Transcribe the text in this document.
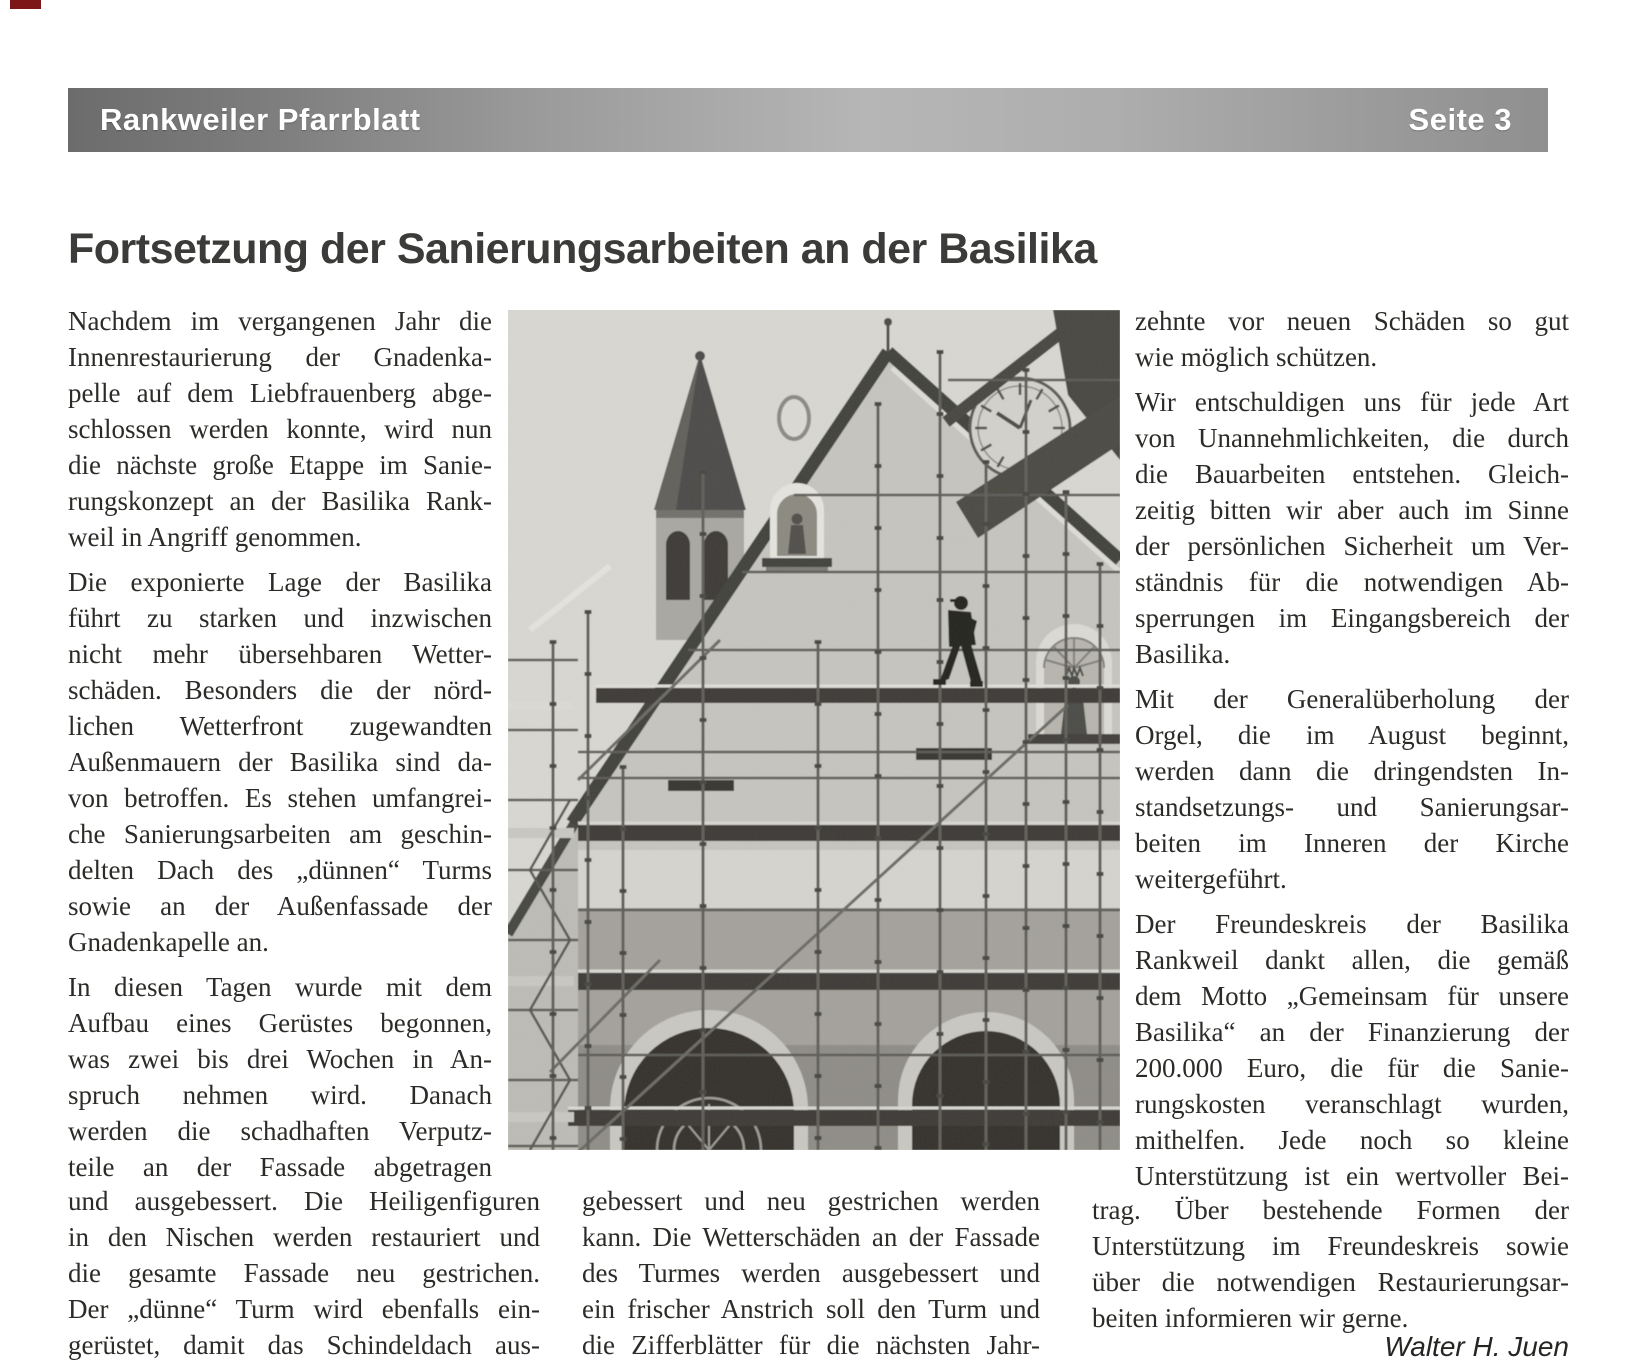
Rankweiler Pfarrblatt	Seite 3
Fortsetzung der Sanierungsarbeiten an der Basilika
Nachdem im vergangenen Jahr die
Innenrestaurierung der Gnadenka-
pelle auf dem Liebfrauenberg abge-
schlossen werden konnte, wird nun
die nächste große Etappe im Sanie-
rungskonzept an der Basilika Rank-
weil in Angriff genommen.
Die exponierte Lage der Basilika
führt zu starken und inzwischen
nicht mehr übersehbaren Wetter-
schäden. Besonders die der nörd-
lichen Wetterfront zugewandten
Außenmauern der Basilika sind da-
von betroffen. Es stehen umfangrei-
che Sanierungsarbeiten am geschin-
delten Dach des „dünnen“ Turms
sowie an der Außenfassade der
Gnadenkapelle an.
In diesen Tagen wurde mit dem
Aufbau eines Gerüstes begonnen,
was zwei bis drei Wochen in An-
spruch nehmen wird. Danach
werden die schadhaften Verputz-
teile an der Fassade abgetragen
und ausgebessert. Die Heiligenfiguren
in den Nischen werden restauriert und
die gesamte Fassade neu gestrichen.
Der „dünne“ Turm wird ebenfalls ein-
gerüstet, damit das Schindeldach aus-
gebessert und neu gestrichen werden
kann. Die Wetterschäden an der Fassade
des Turmes werden ausgebessert und
ein frischer Anstrich soll den Turm und
die Zifferblätter für die nächsten Jahr-
zehnte vor neuen Schäden so gut
wie möglich schützen.
Wir entschuldigen uns für jede Art
von Unannehmlichkeiten, die durch
die Bauarbeiten entstehen. Gleich-
zeitig bitten wir aber auch im Sinne
der persönlichen Sicherheit um Ver-
ständnis für die notwendigen Ab-
sperrungen im Eingangsbereich der
Basilika.
Mit der Generalüberholung der
Orgel, die im August beginnt,
werden dann die dringendsten In-
standsetzungs- und Sanierungsar-
beiten im Inneren der Kirche
weitergeführt.
Der Freundeskreis der Basilika
Rankweil dankt allen, die gemäß
dem Motto „Gemeinsam für unsere
Basilika“ an der Finanzierung der
200.000 Euro, die für die Sanie-
rungskosten veranschlagt wurden,
mithelfen. Jede noch so kleine
Unterstützung ist ein wertvoller Bei-
trag. Über bestehende Formen der
Unterstützung im Freundeskreis sowie
über die notwendigen Restaurierungsar-
beiten informieren wir gerne.
Walter H. Juen
